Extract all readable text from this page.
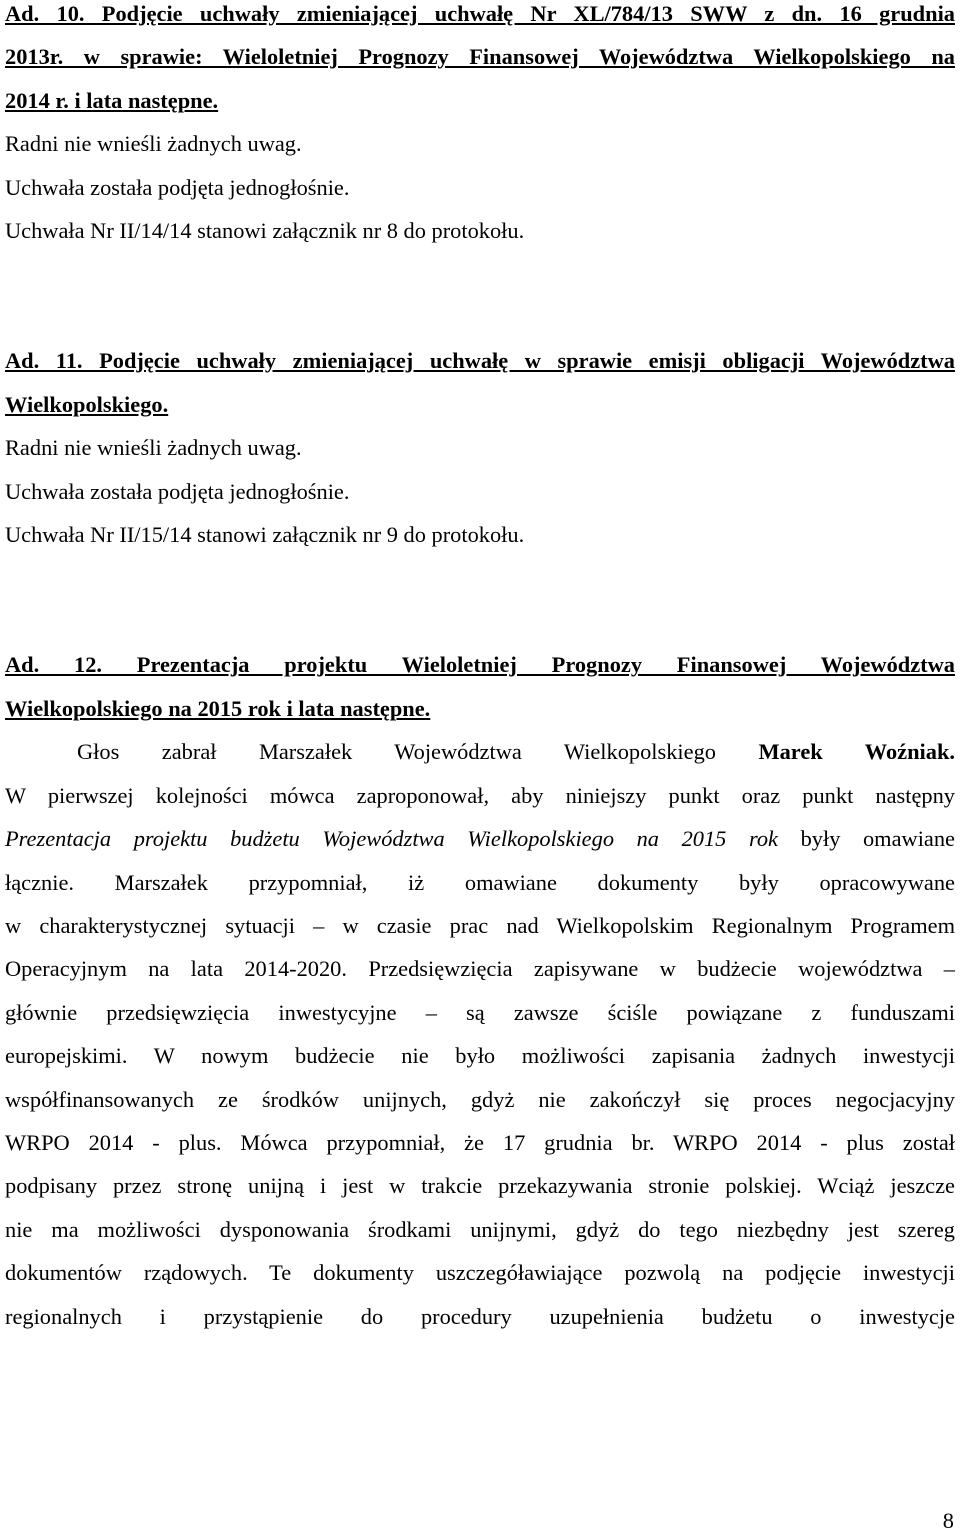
Ad. 10. Podjęcie uchwały zmieniającej uchwałę Nr XL/784/13 SWW z dn. 16 grudnia
2013r. w sprawie: Wieloletniej Prognozy Finansowej Województwa Wielkopolskiego na
2014 r. i lata następne.
Radni nie wnieśli żadnych uwag.
Uchwała została podjęta jednogłośnie.
Uchwała Nr II/14/14 stanowi załącznik nr 8 do protokołu.
Ad. 11. Podjęcie uchwały zmieniającej uchwałę w sprawie emisji obligacji Województwa
Wielkopolskiego.
Radni nie wnieśli żadnych uwag.
Uchwała została podjęta jednogłośnie.
Uchwała Nr II/15/14 stanowi załącznik nr 9 do protokołu.
Ad. 12. Prezentacja projektu Wieloletniej Prognozy Finansowej Województwa
Wielkopolskiego na 2015 rok i lata następne.
Głos zabrał Marszałek Województwa Wielkopolskiego Marek Woźniak.
W pierwszej kolejności mówca zaproponował, aby niniejszy punkt oraz punkt następny
Prezentacja projektu budżetu Województwa Wielkopolskiego na 2015 rok były omawiane
łącznie. Marszałek przypomniał, iż omawiane dokumenty były opracowywane
w charakterystycznej sytuacji – w czasie prac nad Wielkopolskim Regionalnym Programem
Operacyjnym na lata 2014-2020. Przedsięwzięcia zapisywane w budżecie województwa –
głównie przedsięwzięcia inwestycyjne – są zawsze ściśle powiązane z funduszami
europejskimi. W nowym budżecie nie było możliwości zapisania żadnych inwestycji
współfinansowanych ze środków unijnych, gdyż nie zakończył się proces negocjacyjny
WRPO 2014 - plus. Mówca przypomniał, że 17 grudnia br. WRPO 2014 - plus został
podpisany przez stronę unijną i jest w trakcie przekazywania stronie polskiej. Wciąż jeszcze
nie ma możliwości dysponowania środkami unijnymi, gdyż do tego niezbędny jest szereg
dokumentów rządowych. Te dokumenty uszczegóławiające pozwolą na podjęcie inwestycji
regionalnych i przystąpienie do procedury uzupełnienia budżetu o inwestycje
8
